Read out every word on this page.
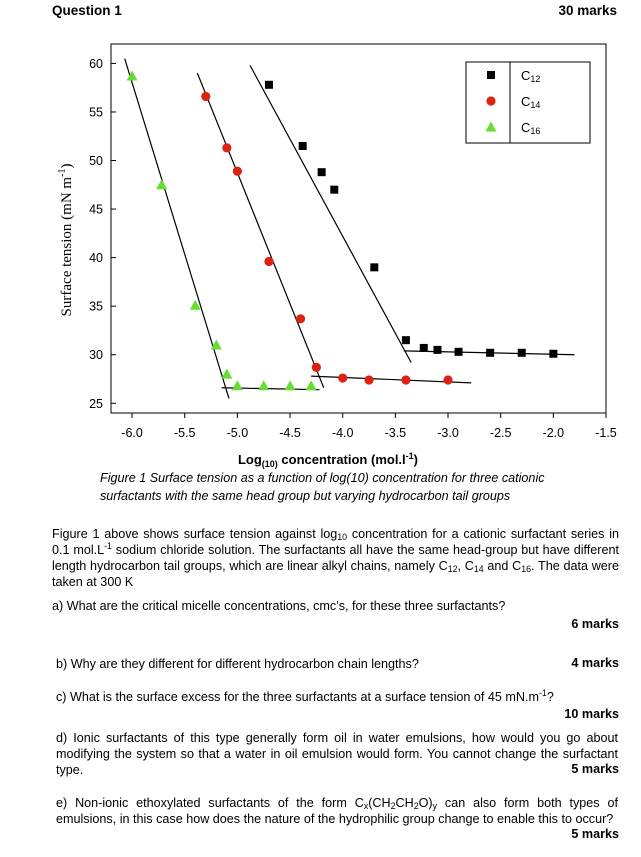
Question 1	30 marks
-6.0 -5.5 -5.0 -4.5 -4.0 -3.5 -3.0 -2.5 -2.0 -1.5
25
30
35
40
45
50
55
60
C12
C14
C16
Log$_{(10)}$ concentration $(mol.l^{-1})$
Surface tension (mN $m^{-1}$)
Figure 1 Surface tension as a function of log(10) concentration for three cationic surfactants with the same head group but varying hydrocarbon tail groups
Figure 1 above shows surface tension against $\log_{10}$ concentration for a cationic surfactant series in 0.1 $mol.L^{-1}$ sodium chloride solution. The surfactants all have the same head-group but have different length hydrocarbon tail groups, which are linear alkyl chains, namely $C_{12}$, $C_{14}$ and $C_{16}$. The data were taken at 300 K
a) What are the critical micelle concentrations, cmc’s, for these three surfactants?
6 marks
b) Why are they different for different hydrocarbon chain lengths?	4 marks
c) What is the surface excess for the three surfactants at a surface tension of 45 $mN.m^{-1}$?
10 marks
d) Ionic surfactants of this type generally form oil in water emulsions, how would you go about modifying the system so that a water in oil emulsion would form. You cannot change the surfactant type.	5 marks
e) Non-ionic ethoxylated surfactants of the form $C_x(CH_2CH_2O)_y$ can also form both types of emulsions, in this case how does the nature of the hydrophilic group change to enable this to occur?
5 marks
